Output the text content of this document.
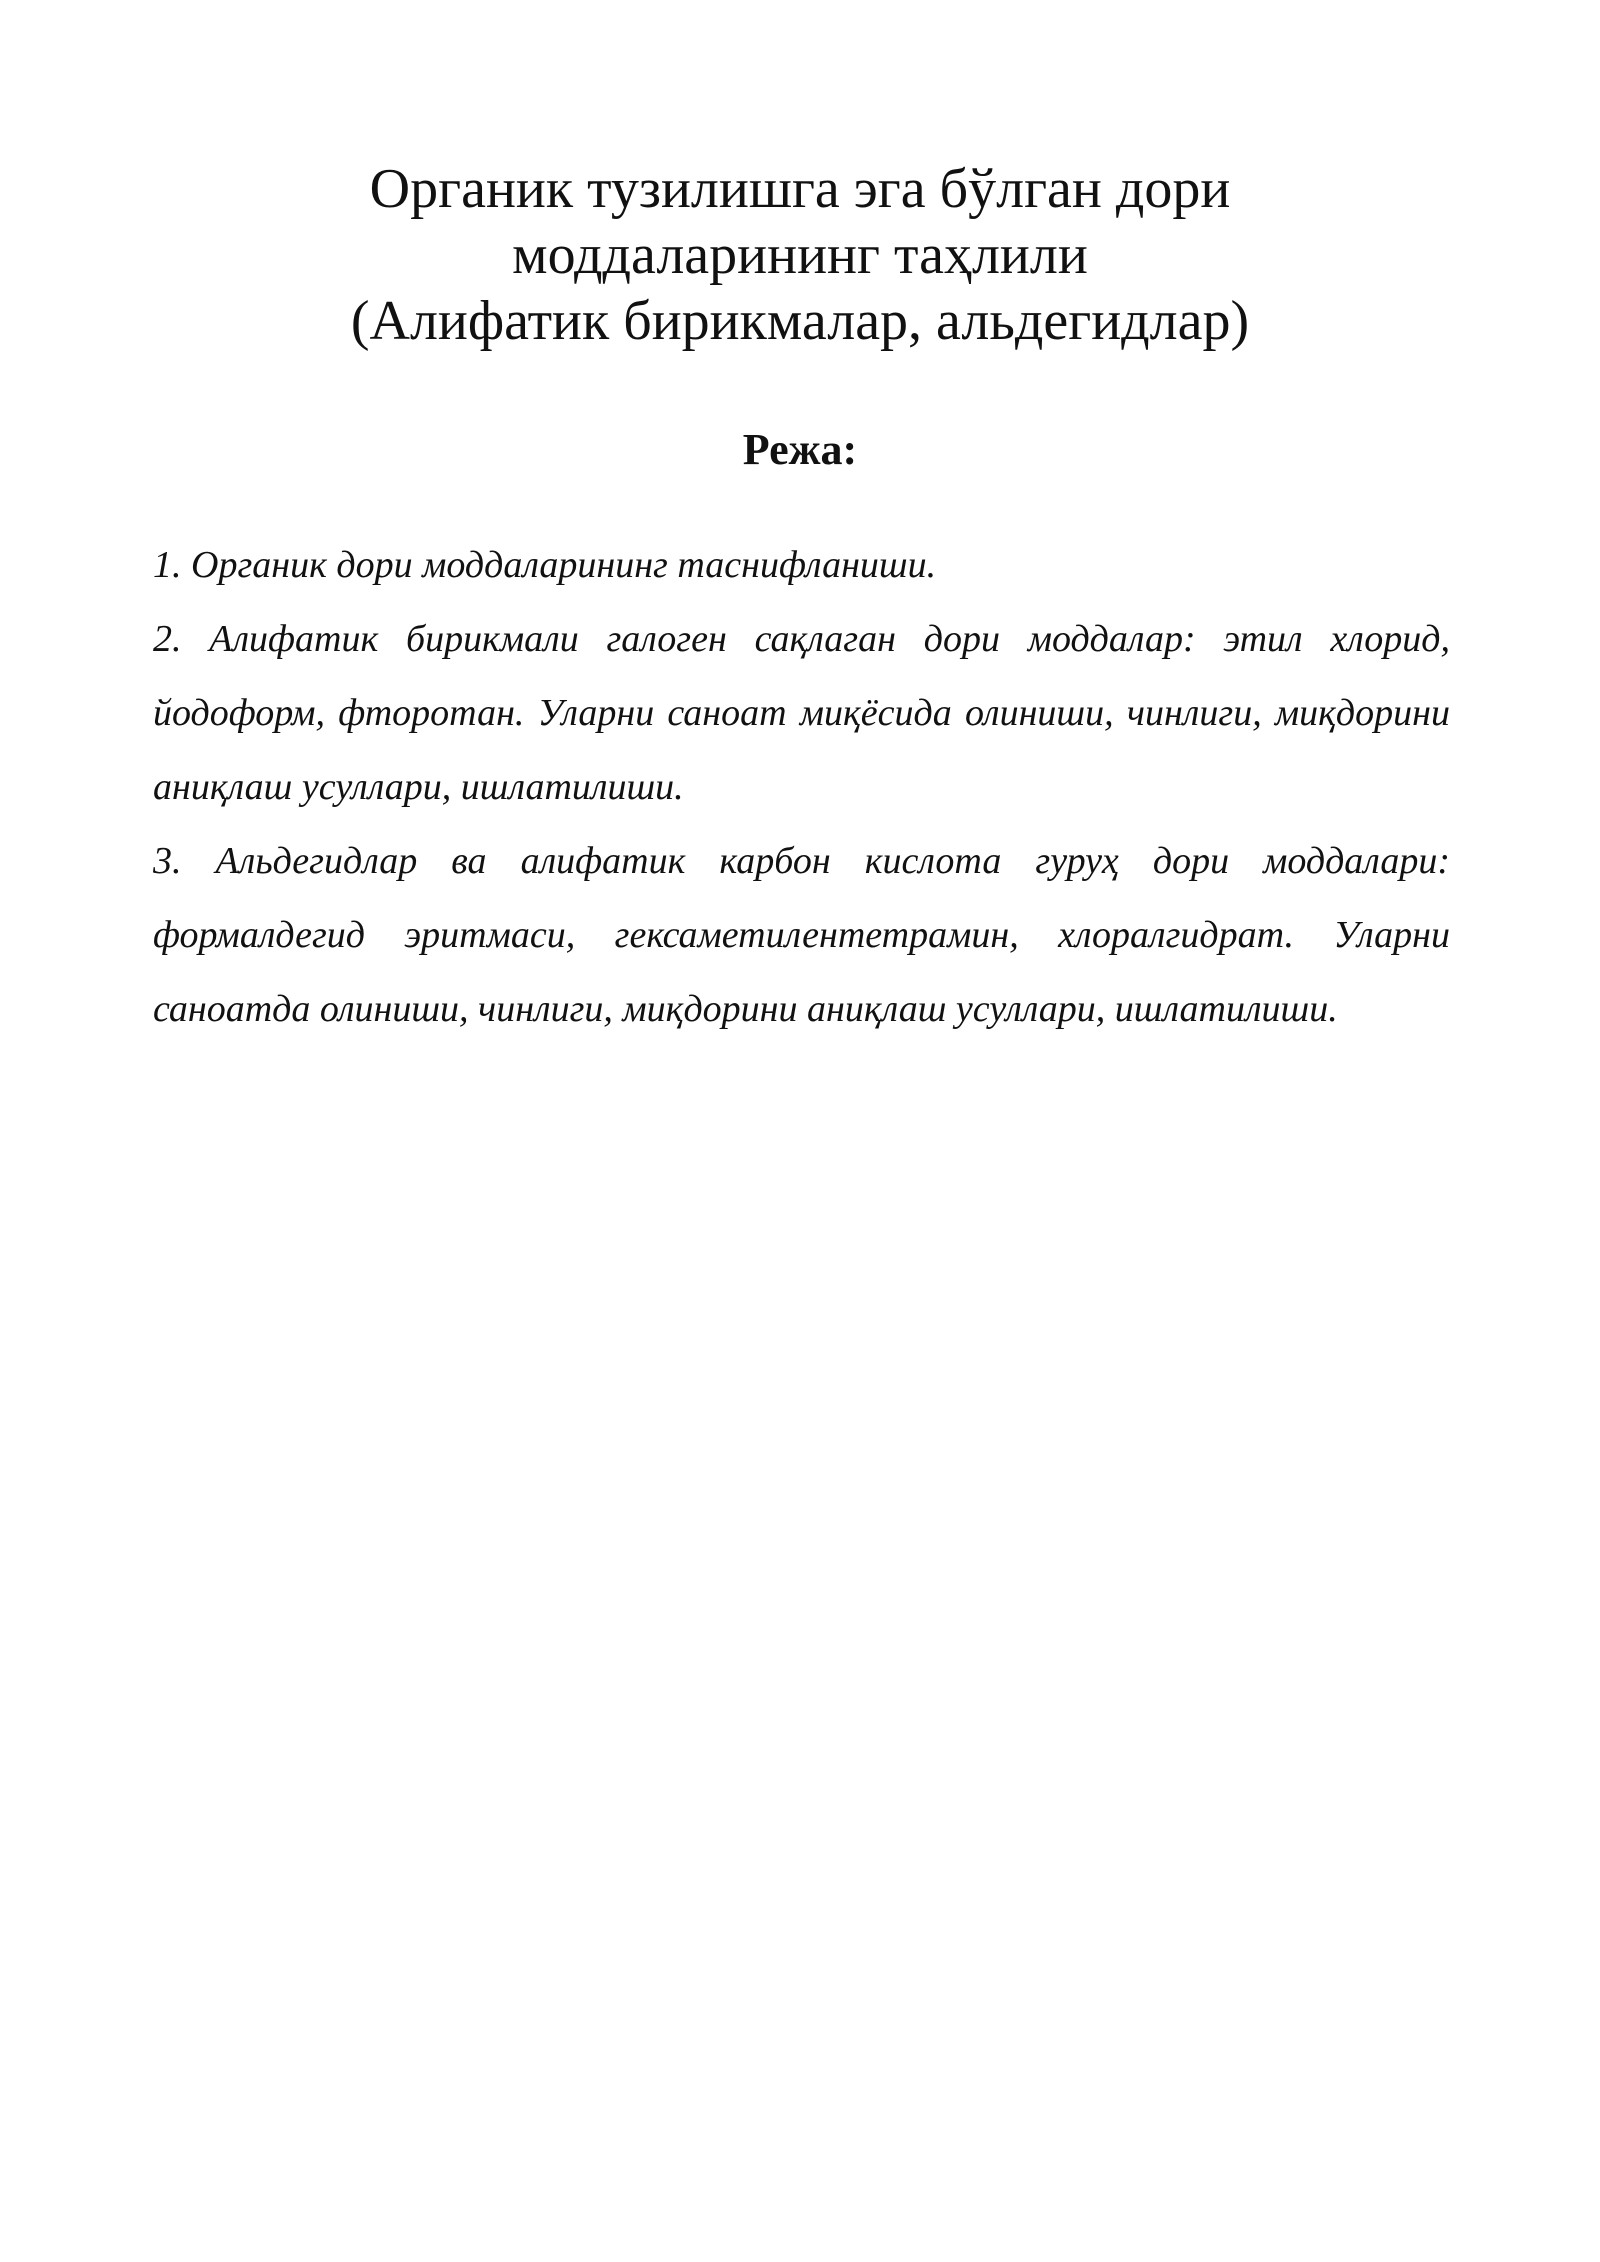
Органик тузилишга эга бўлган дори
моддаларининг таҳлили
(Алифатик бирикмалар, альдегидлар)
Режа:
1. Органик дори моддаларининг таснифланиши.
2. Алифатик бирикмали галоген сақлаган дори моддалар: этил хлорид, йодоформ, фторотан. Уларни саноат миқёсида олиниши, чинлиги, миқдорини аниқлаш усуллари, ишлатилиши.
3. Альдегидлар ва алифатик карбон кислота гуруҳ дори моддалари: формалдегид эритмаси, гексаметилентетрамин, хлоралгидрат. Уларни саноатда олиниши, чинлиги, миқдорини аниқлаш усуллари, ишлатилиши.
